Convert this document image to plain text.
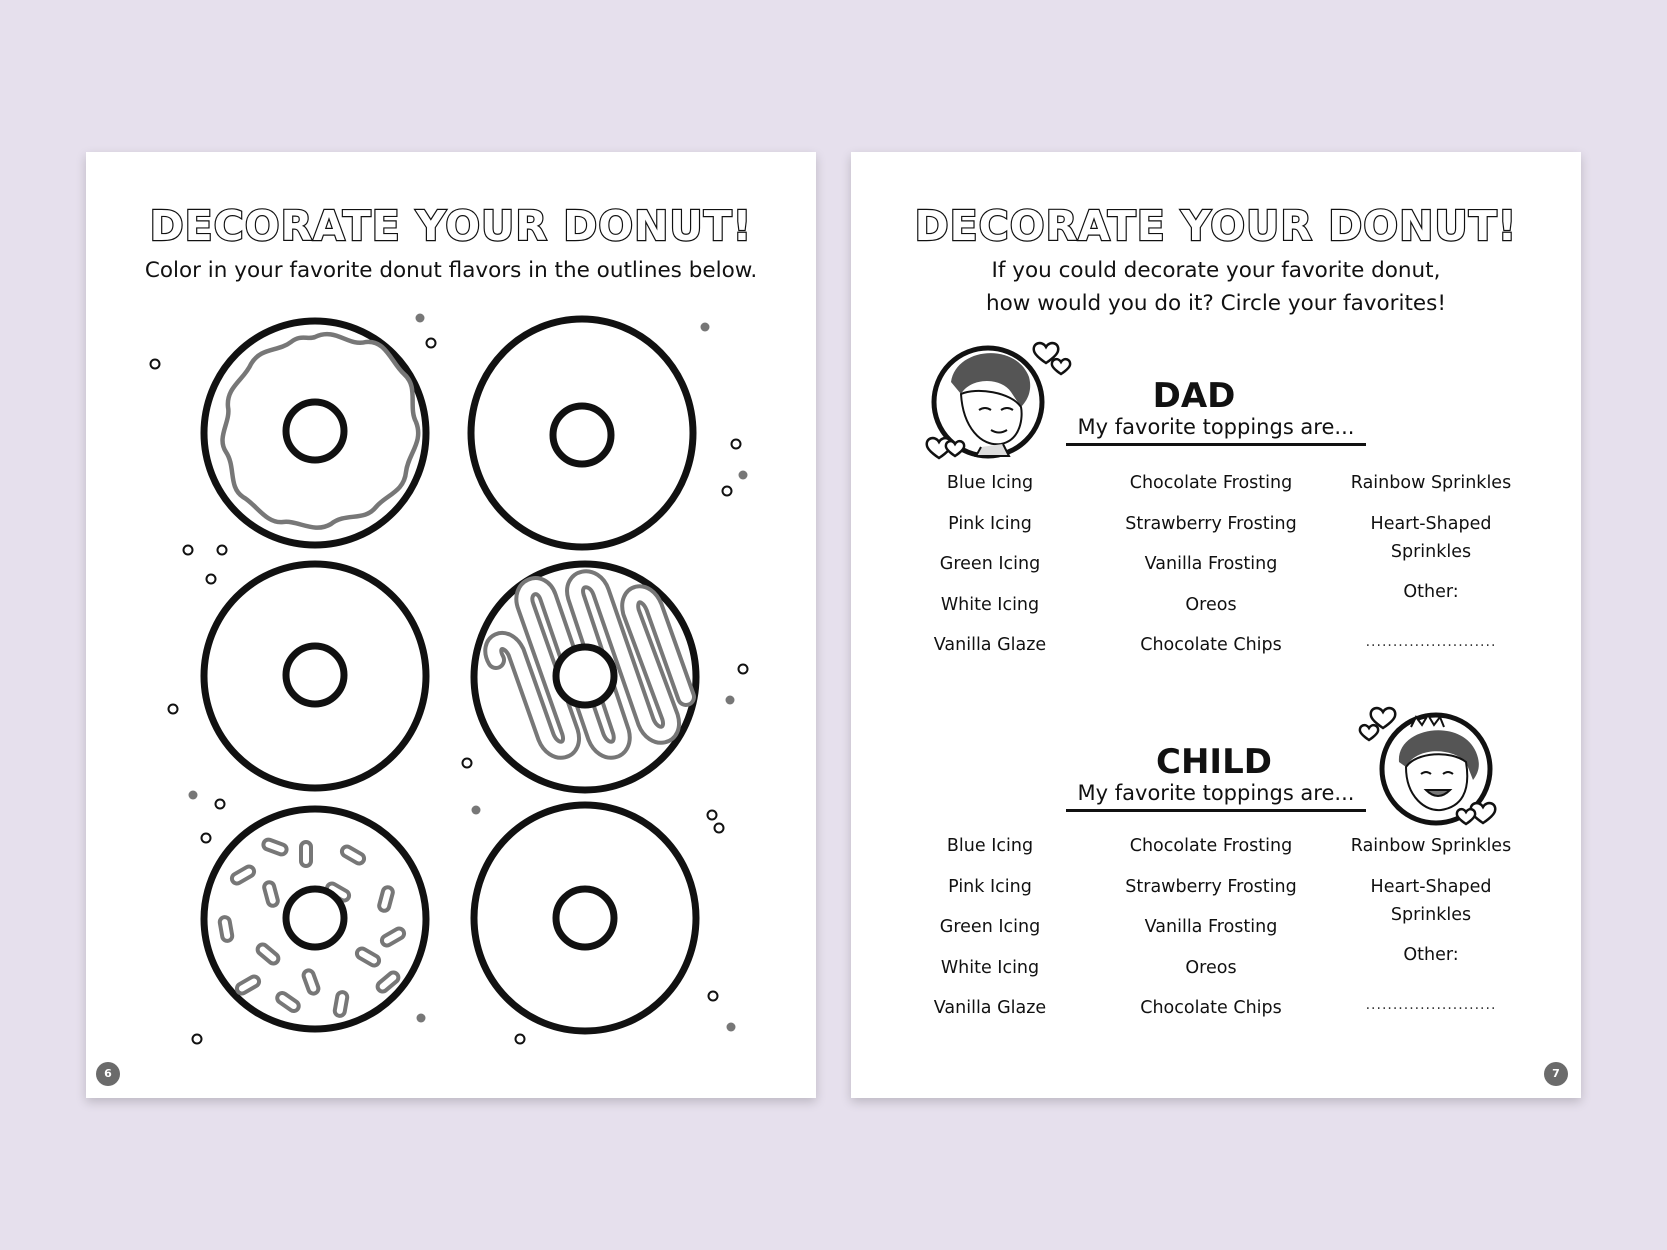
DECORATE YOUR DONUT!
Color in your favorite donut flavors in the outlines below.
6
DECORATE YOUR DONUT!
If you could decorate your favorite donut,
how would you do it? Circle your favorites!
DAD
My favorite toppings are...
Blue Icing
Pink Icing
Green Icing
White Icing
Vanilla Glaze
Chocolate Frosting
Strawberry Frosting
Vanilla Frosting
Oreos
Chocolate Chips
Rainbow Sprinkles
Heart-Shaped
Sprinkles
Other:
........................
CHILD
My favorite toppings are...
Blue Icing
Pink Icing
Green Icing
White Icing
Vanilla Glaze
Chocolate Frosting
Strawberry Frosting
Vanilla Frosting
Oreos
Chocolate Chips
Rainbow Sprinkles
Heart-Shaped
Sprinkles
Other:
........................
7
